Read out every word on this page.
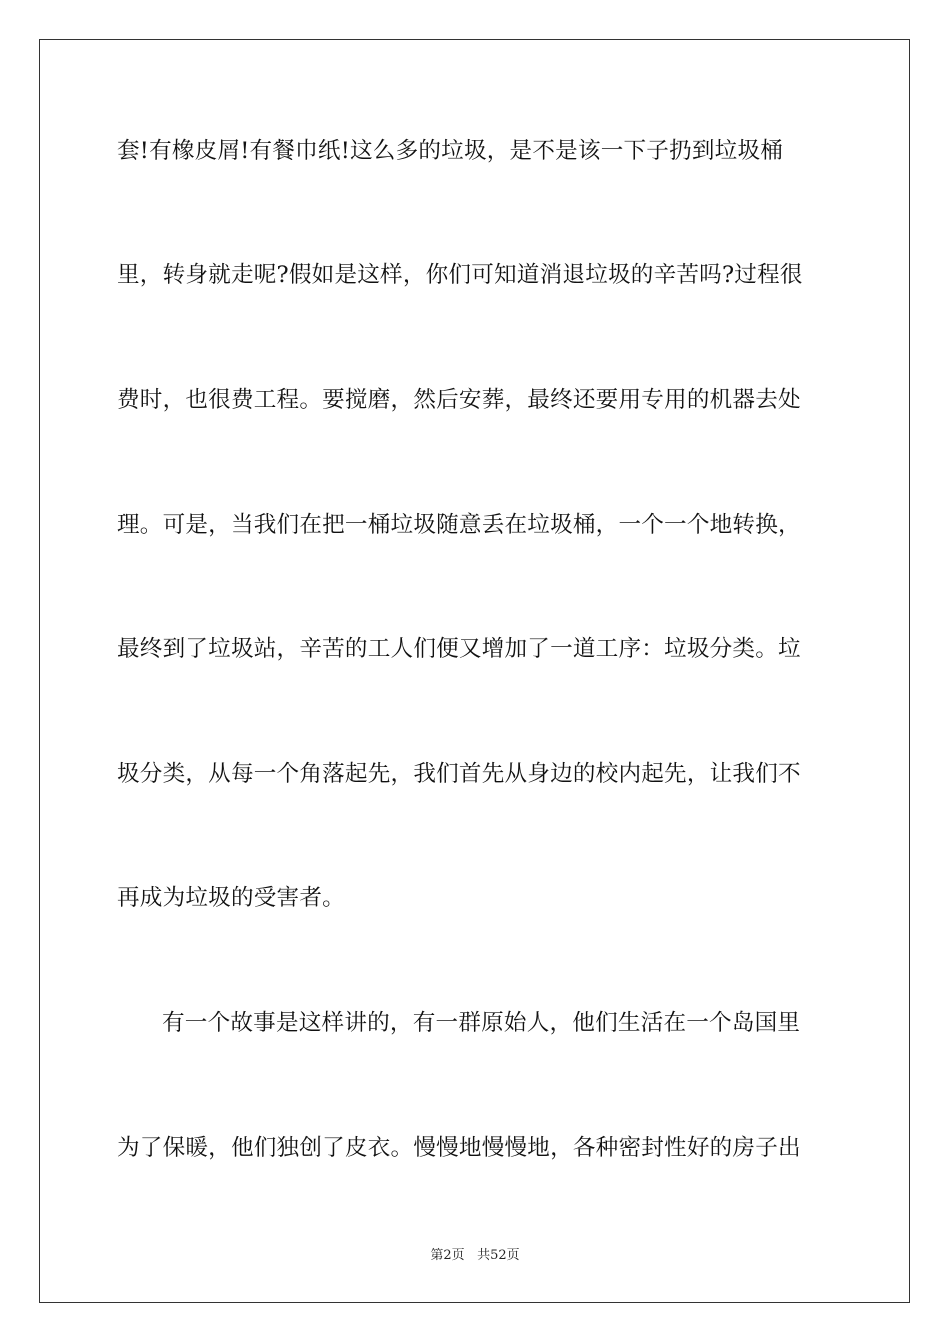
套!有橡皮屑!有餐巾纸!这么多的垃圾，是不是该一下子扔到垃圾桶
里，转身就走呢?假如是这样，你们可知道消退垃圾的辛苦吗?过程很
费时，也很费工程。要搅磨，然后安葬，最终还要用专用的机器去处
理。可是，当我们在把一桶垃圾随意丢在垃圾桶，一个一个地转换，
最终到了垃圾站，辛苦的工人们便又增加了一道工序：垃圾分类。垃
圾分类，从每一个角落起先，我们首先从身边的校内起先，让我们不
再成为垃圾的受害者。
有一个故事是这样讲的，有一群原始人，他们生活在一个岛国里
为了保暖，他们独创了皮衣。慢慢地慢慢地，各种密封性好的房子出
第2页 共52页
